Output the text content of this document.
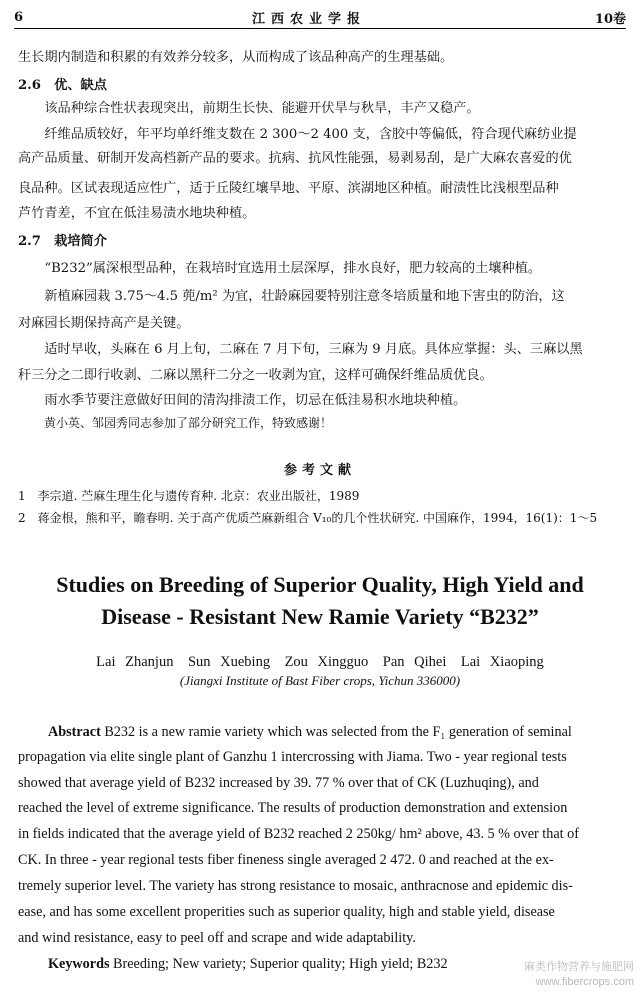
6	江西农业学报	10卷
生长期内制造和积累的有效养分较多，从而构成了该品种高产的生理基础。
2.6　优、缺点
　　该品种综合性状表现突出，前期生长快、能避开伏旱与秋旱，丰产又稳产。
　　纤维品质较好，年平均单纤维支数在 2 300～2 400 支，含胶中等偏低，符合现代麻纺业提
高产品质量、研制开发高档新产品的要求。抗病、抗风性能强，易剥易刮，是广大麻农喜爱的优
良品种。区试表现适应性广，适于丘陵红壤旱地、平原、滨湖地区种植。耐渍性比浅根型品种
芦竹青差，不宜在低洼易渍水地块种植。
2.7　栽培简介
　　“B232”属深根型品种，在栽培时宜选用土层深厚，排水良好，肥力较高的土壤种植。
　　新植麻园栽 3.75～4.5 蔸/m² 为宜，壮龄麻园要特别注意冬培质量和地下害虫的防治，这
对麻园长期保持高产是关键。
　　适时早收，头麻在 6 月上旬，二麻在 7 月下旬，三麻为 9 月底。具体应掌握：头、三麻以黑
秆三分之二即行收剥、二麻以黑秆二分之一收剥为宜，这样可确保纤维品质优良。
　　雨水季节要注意做好田间的清沟排渍工作，切忌在低洼易积水地块种植。
黄小英、邹园秀同志参加了部分研究工作，特致感谢！
参考文献
1　李宗道. 苎麻生理生化与遗传育种. 北京：农业出版社，1989
2　蒋金根，熊和平，瞻春明. 关于高产优质苎麻新组合 V₁₀的几个性状研究. 中国麻作，1994，16(1)：1～5
Studies on Breeding of Superior Quality, High Yield and
Disease - Resistant New Ramie Variety “B232”
Lai Zhanjun　Sun Xuebing　Zou Xingguo　Pan Qihei　Lai Xiaoping
(Jiangxi Institute of Bast Fiber crops, Yichun 336000)
Abstract B232 is a new ramie variety which was selected from the F₁ generation of seminal
propagation via elite single plant of Ganzhu 1 intercrossing with Jiama. Two - year regional tests
showed that average yield of B232 increased by 39. 77 % over that of CK (Luzhuqing), and
reached the level of extreme significance. The results of production demonstration and extension
in fields indicated that the average yield of B232 reached 2 250kg/ hm² above, 43. 5 % over that of
CK. In three - year regional tests fiber fineness single averaged 2 472. 0 and reached at the ex-
tremely superior level. The variety has strong resistance to mosaic, anthracnose and epidemic dis-
ease, and has some excellent properities such as superior quality, high and stable yield, disease
and wind resistance, easy to peel off and scrape and wide adaptability.
Keywords Breeding; New variety; Superior quality; High yield; B232	麻类作物营养与施肥网
www.fibercrops.com
